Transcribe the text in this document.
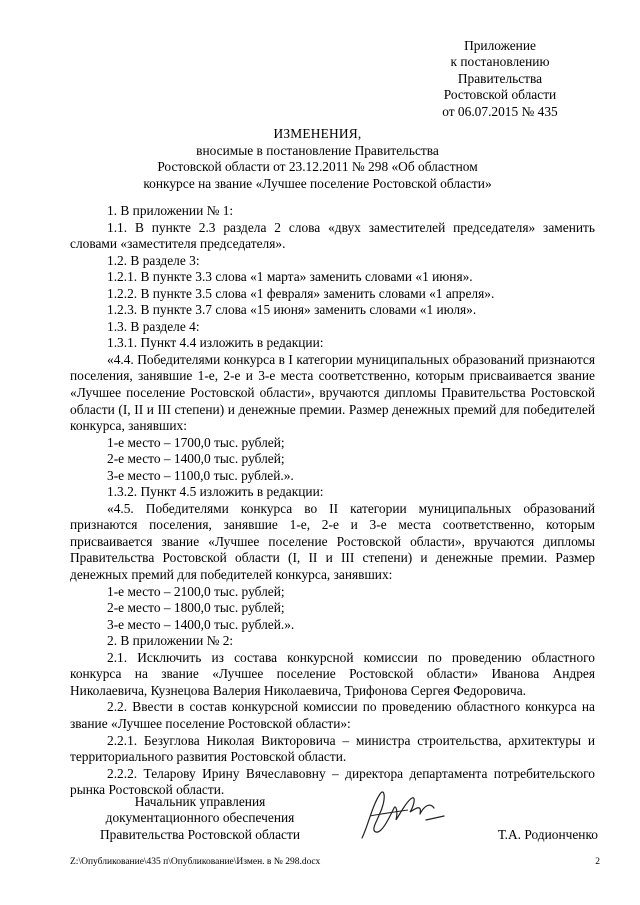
Приложение
к постановлению
Правительства
Ростовской области
от 06.07.2015 № 435
ИЗМЕНЕНИЯ,
вносимые в постановление Правительства
Ростовской области от 23.12.2011 № 298 «Об областном
конкурсе на звание «Лучшее поселение Ростовской области»

1. В приложении № 1:

1.1. В пункте 2.3 раздела 2 слова «двух заместителей председателя» заменить словами «заместителя председателя».

1.2. В разделе 3:

1.2.1. В пункте 3.3 слова «1 марта» заменить словами «1 июня».

1.2.2. В пункте 3.5 слова «1 февраля» заменить словами «1 апреля».

1.2.3. В пункте 3.7 слова «15 июня» заменить словами «1 июля».

1.3. В разделе 4:

1.3.1. Пункт 4.4 изложить в редакции:

«4.4. Победителями конкурса в I категории муниципальных образований признаются поселения, занявшие 1-е, 2-е и 3-е места соответственно, которым присваивается звание «Лучшее поселение Ростовской области», вручаются дипломы Правительства Ростовской области (I, II и III степени) и денежные премии. Размер денежных премий для победителей конкурса, занявших:

1-е место – 1700,0 тыс. рублей;

2-е место – 1400,0 тыс. рублей;

3-е место – 1100,0 тыс. рублей.».

1.3.2. Пункт 4.5 изложить в редакции:

«4.5. Победителями конкурса во II категории муниципальных образований признаются поселения, занявшие 1-е, 2-е и 3-е места соответственно, которым присваивается звание «Лучшее поселение Ростовской области», вручаются дипломы Правительства Ростовской области (I, II и III степени) и денежные премии. Размер денежных премий для победителей конкурса, занявших:

1-е место – 2100,0 тыс. рублей;

2-е место – 1800,0 тыс. рублей;

3-е место – 1400,0 тыс. рублей.».

2. В приложении № 2:

2.1. Исключить из состава конкурсной комиссии по проведению областного конкурса на звание «Лучшее поселение Ростовской области» Иванова Андрея Николаевича, Кузнецова Валерия Николаевича, Трифонова Сергея Федоровича.

2.2. Ввести в состав конкурсной комиссии по проведению областного конкурса на звание «Лучшее поселение Ростовской области»:

2.2.1. Безуглова Николая Викторовича – министра строительства, архитектуры и территориального развития Ростовской области.

2.2.2. Теларову Ирину Вячеславовну – директора департамента потребительского рынка Ростовской области.

Начальник управления
документационного обеспечения
Правительства Ростовской области	Т.А. Родионченко
Z:\Опубликование\435 п\Опубликование\Измен. в № 298.docx	2
